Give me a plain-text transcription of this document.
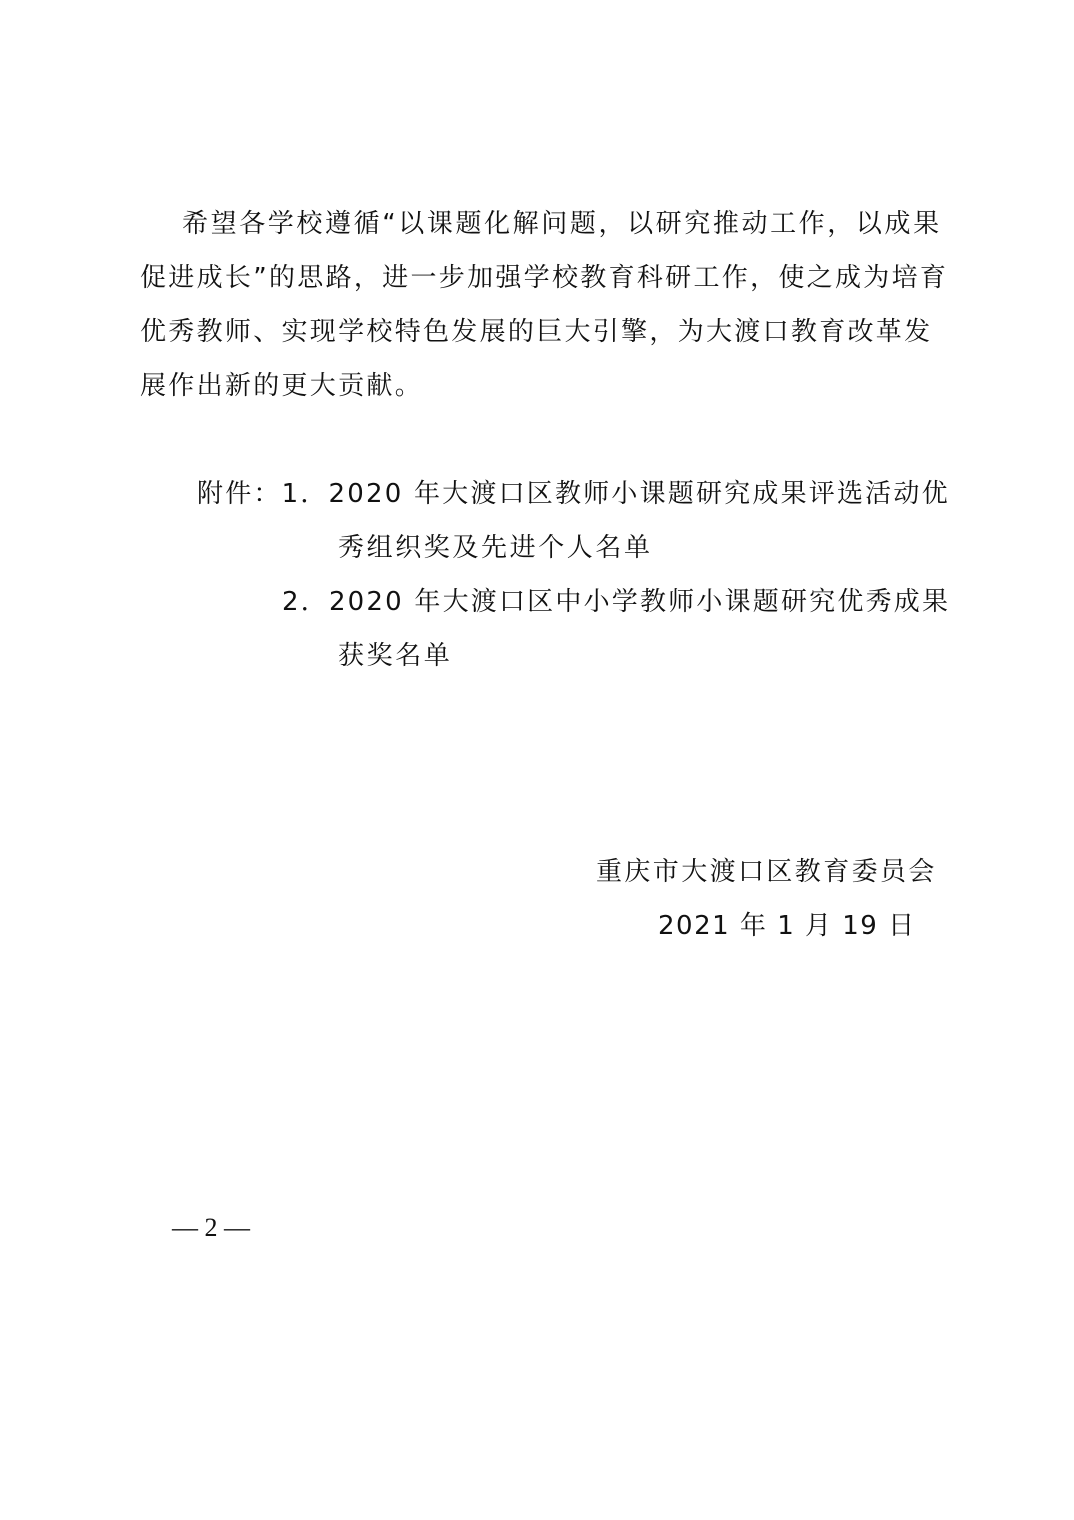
希望各学校遵循“以课题化解问题，以研究推动工作，以成果
促进成长”的思路，进一步加强学校教育科研工作，使之成为培育
优秀教师、实现学校特色发展的巨大引擎，为大渡口教育改革发
展作出新的更大贡献。
附件：1．2020 年大渡口区教师小课题研究成果评选活动优
秀组织奖及先进个人名单
2．2020 年大渡口区中小学教师小课题研究优秀成果
获奖名单
重庆市大渡口区教育委员会
2021 年 1 月 19 日
— 2 —
